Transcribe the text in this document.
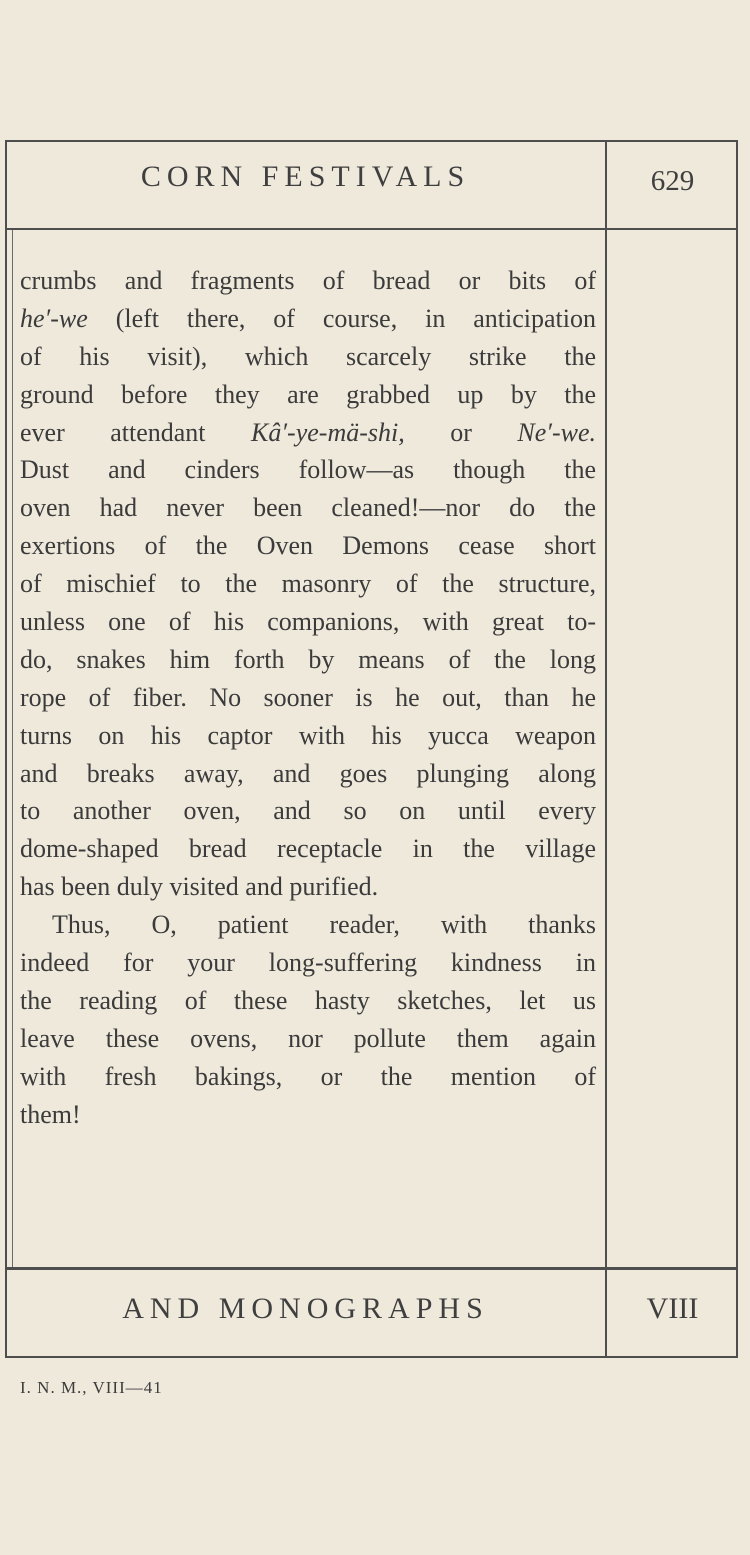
CORN FESTIVALS	629
crumbs and fragments of bread or bits of
he′-we (left there, of course, in anticipation
of his visit), which scarcely strike the
ground before they are grabbed up by the
ever attendant Kâ′-ye-mä-shi, or Ne′-we.
Dust and cinders follow—as though the
oven had never been cleaned!—nor do the
exertions of the Oven Demons cease short
of mischief to the masonry of the structure,
unless one of his companions, with great to-
do, snakes him forth by means of the long
rope of fiber. No sooner is he out, than he
turns on his captor with his yucca weapon
and breaks away, and goes plunging along
to another oven, and so on until every
dome-shaped bread receptacle in the village
has been duly visited and purified.
Thus, O, patient reader, with thanks
indeed for your long-suffering kindness in
the reading of these hasty sketches, let us
leave these ovens, nor pollute them again
with fresh bakings, or the mention of
them!
AND MONOGRAPHS	VIII
I. N. M., VIII—41
